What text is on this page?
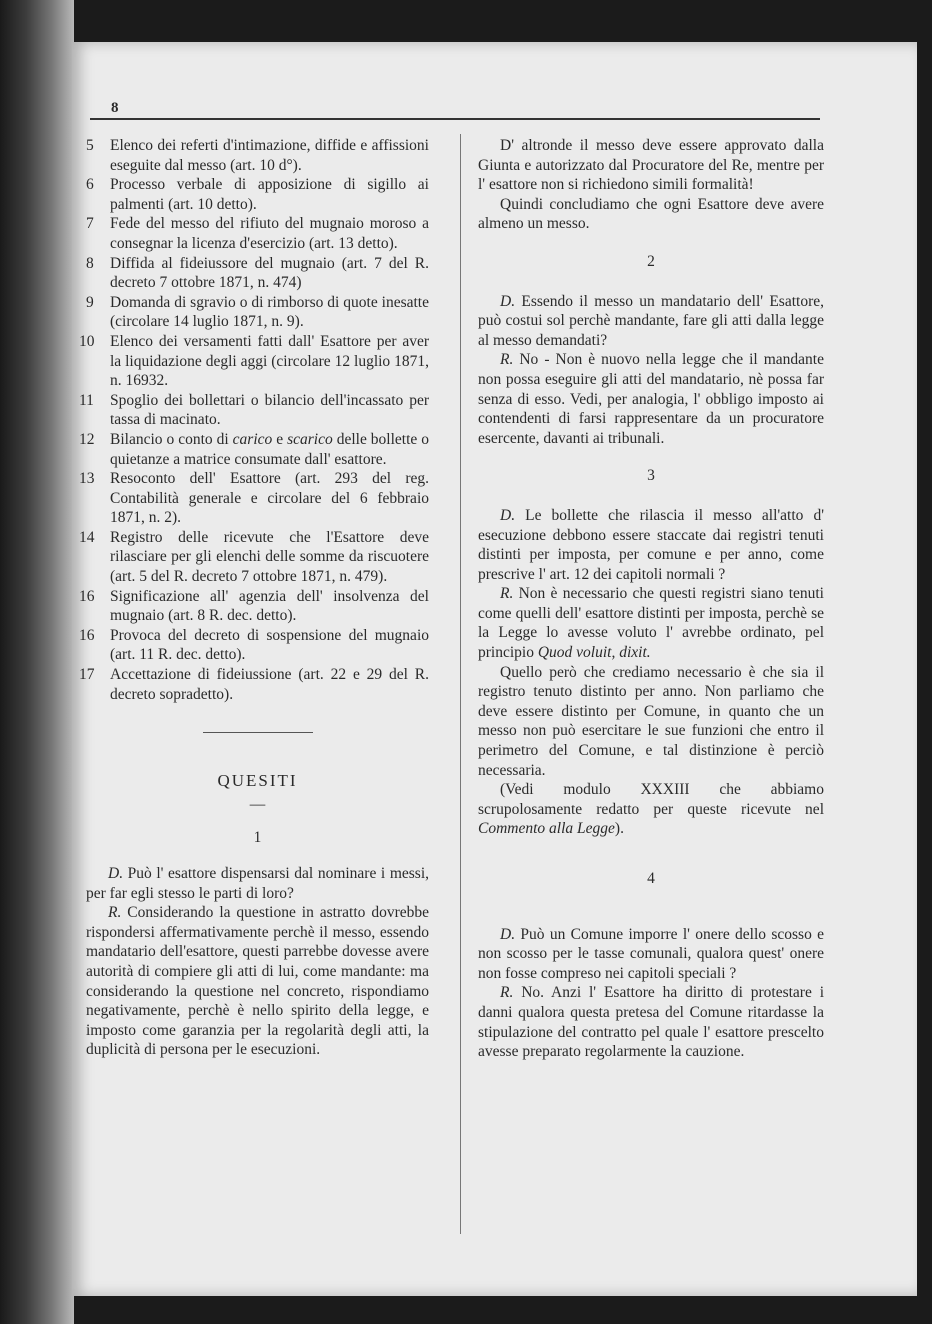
8

5 Elenco dei referti d'intimazione, diffide e affissioni eseguite dal messo (art. 10 d°).

6 Processo verbale di apposizione di sigillo ai palmenti (art. 10 detto).

7 Fede del messo del rifiuto del mugnaio moroso a consegnar la licenza d'esercizio (art. 13 detto).

8 Diffida al fideiussore del mugnaio (art. 7 del R. decreto 7 ottobre 1871, n. 474)

9 Domanda di sgravio o di rimborso di quote inesatte (circolare 14 luglio 1871, n. 9).

10 Elenco dei versamenti fatti dall' Esattore per aver la liquidazione degli aggi (circolare 12 luglio 1871, n. 16932.

11 Spoglio dei bollettari o bilancio dell'incassato per tassa di macinato.

12 Bilancio o conto di carico e scarico delle bollette o quietanze a matrice consumate dall' esattore.

13 Resoconto dell' Esattore (art. 293 del reg. Contabilità generale e circolare del 6 febbraio 1871, n. 2).

14 Registro delle ricevute che l'Esattore deve rilasciare per gli elenchi delle somme da riscuotere (art. 5 del R. decreto 7 ottobre 1871, n. 479).

16 Significazione all' agenzia dell' insolvenza del mugnaio (art. 8 R. dec. detto).

16 Provoca del decreto di sospensione del mugnaio (art. 11 R. dec. detto).

17 Accettazione di fideiussione (art. 22 e 29 del R. decreto sopradetto).

QUESITI
—
1

D. Può l' esattore dispensarsi dal nominare i messi, per far egli stesso le parti di loro?

R. Considerando la questione in astratto dovrebbe rispondersi affermativamente perchè il messo, essendo mandatario dell'esattore, questi parrebbe dovesse avere autorità di compiere gli atti di lui, come mandante: ma considerando la questione nel concreto, rispondiamo negativamente, perchè è nello spirito della legge, e imposto come garanzia per la regolarità degli atti, la duplicità di persona per le esecuzioni.

D' altronde il messo deve essere approvato dalla Giunta e autorizzato dal Procuratore del Re, mentre per l' esattore non si richiedono simili formalità!

Quindi concludiamo che ogni Esattore deve avere almeno un messo.

2

D. Essendo il messo un mandatario dell' Esattore, può costui sol perchè mandante, fare gli atti dalla legge al messo demandati?

R. No - Non è nuovo nella legge che il mandante non possa eseguire gli atti del mandatario, nè possa far senza di esso. Vedi, per analogia, l' obbligo imposto ai contendenti di farsi rappresentare da un procuratore esercente, davanti ai tribunali.

3

D. Le bollette che rilascia il messo all'atto d' esecuzione debbono essere staccate dai registri tenuti distinti per imposta, per comune e per anno, come prescrive l' art. 12 dei capitoli normali ?

R. Non è necessario che questi registri siano tenuti come quelli dell' esattore distinti per imposta, perchè se la Legge lo avesse voluto l' avrebbe ordinato, pel principio Quod voluit, dixit.

Quello però che crediamo necessario è che sia il registro tenuto distinto per anno. Non parliamo che deve essere distinto per Comune, in quanto che un messo non può esercitare le sue funzioni che entro il perimetro del Comune, e tal distinzione è perciò necessaria.

(Vedi modulo XXXIII che abbiamo scrupolosamente redatto per queste ricevute nel Commento alla Legge).

4

D. Può un Comune imporre l' onere dello scosso e non scosso per le tasse comunali, qualora quest' onere non fosse compreso nei capitoli speciali ?

R. No. Anzi l' Esattore ha diritto di protestare i danni qualora questa pretesa del Comune ritardasse la stipulazione del contratto pel quale l' esattore prescelto avesse preparato regolarmente la cauzione.
